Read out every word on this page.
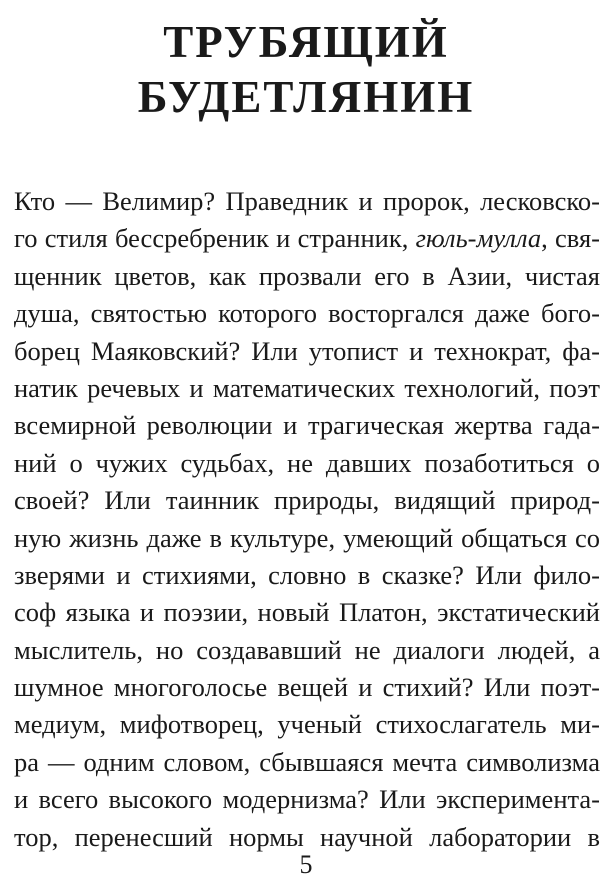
ТРУБЯЩИЙ
БУДЕТЛЯНИН
Кто — Велимир? Праведник и пророк, лесковско-
го стиля бессребреник и странник, гюль-мулла, свя-
щенник цветов, как прозвали его в Азии, чистая
душа, святостью которого восторгался даже бого-
борец Маяковский? Или утопист и технократ, фа-
натик речевых и математических технологий, поэт
всемирной революции и трагическая жертва гада-
ний о чужих судьбах, не давших позаботиться о
своей? Или таинник природы, видящий природ-
ную жизнь даже в культуре, умеющий общаться со
зверями и стихиями, словно в сказке? Или фило-
соф языка и поэзии, новый Платон, экстатический
мыслитель, но создававший не диалоги людей, а
шумное многоголосье вещей и стихий? Или поэт-
медиум, мифотворец, ученый стихослагатель ми-
ра — одним словом, сбывшаяся мечта символизма
и всего высокого модернизма? Или эксперимента-
тор, перенесший нормы научной лаборатории в
5
